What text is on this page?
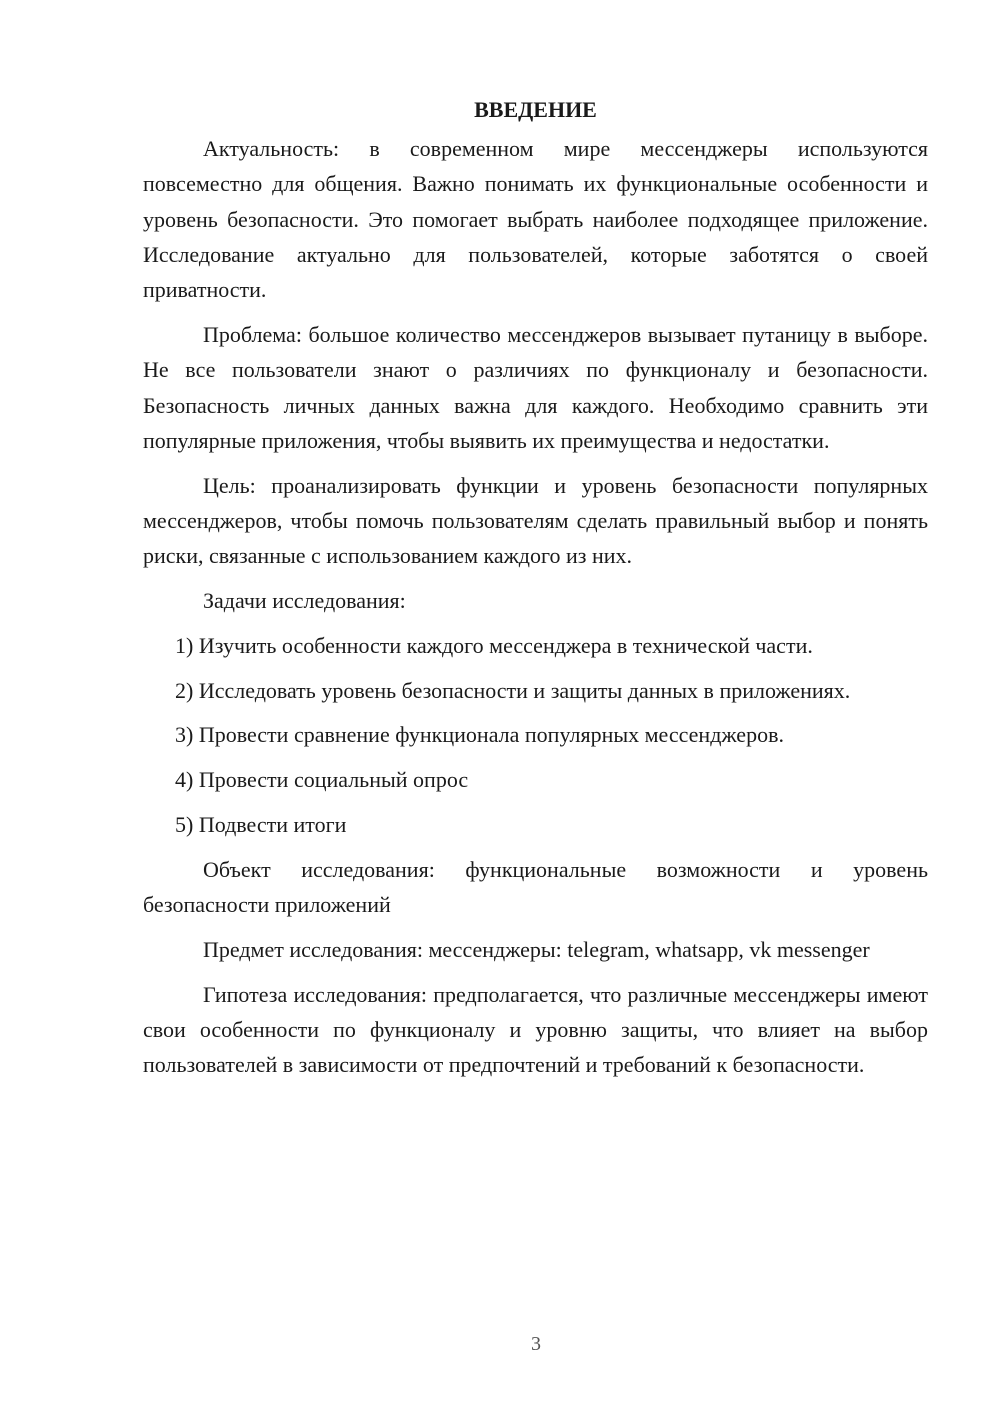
ВВЕДЕНИЕ

Актуальность: в современном мире мессенджеры используются повсеместно для общения. Важно понимать их функциональные особенности и уровень безопасности. Это помогает выбрать наиболее подходящее приложение. Исследование актуально для пользователей, которые заботятся о своей приватности.

Проблема: большое количество мессенджеров вызывает путаницу в выборе. Не все пользователи знают о различиях по функционалу и безопасности. Безопасность личных данных важна для каждого. Необходимо сравнить эти популярные приложения, чтобы выявить их преимущества и недостатки.

Цель: проанализировать функции и уровень безопасности популярных мессенджеров, чтобы помочь пользователям сделать правильный выбор и понять риски, связанные с использованием каждого из них.

Задачи исследования:

1) Изучить особенности каждого мессенджера в технической части.

2) Исследовать уровень безопасности и защиты данных в приложениях.

3) Провести сравнение функционала популярных мессенджеров.

4) Провести социальный опрос

5) Подвести итоги

Объект исследования: функциональные возможности и уровень безопасности приложений

Предмет исследования: мессенджеры: telegram, whatsapp, vk messenger

Гипотеза исследования: предполагается, что различные мессенджеры имеют свои особенности по функционалу и уровню защиты, что влияет на выбор пользователей в зависимости от предпочтений и требований к безопасности.

3
